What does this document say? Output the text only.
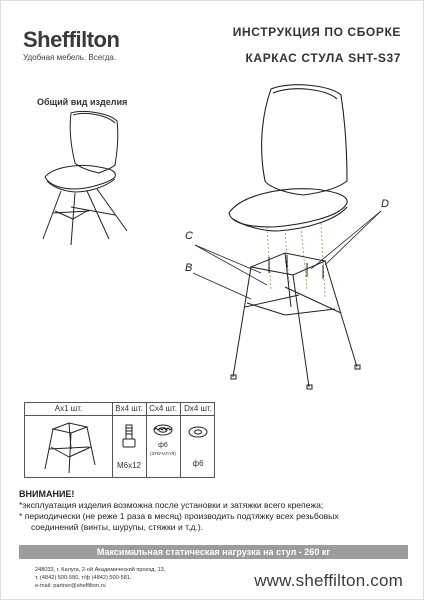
Sheffilton
Удобная мебель. Всегда.
ИНСТРУКЦИЯ ПО СБОРКЕ
КАРКАС СТУЛА SHT-S37
Общий вид изделия
C
B
D
Ax1 шт.	Bx4 шт. Cx4 шт. Dx4 шт.
M6x12
ф6
(ЗУБЧАТАЯ)
ф6
ВНИМАНИЕ!
*эксплуатация изделия возможна после установки и затяжки всего крепежа;
* периодически (не реже 1 раза в месяц) производить подтяжку всех резьбовых
соединений (винты, шурупы, стяжки и т.д.).
Максимальная статическая нагрузка на стул - 260 кг
248033, г. Калуга, 2-ой Академический проезд, 13,
т. (4842) 500-580, т/ф (4842) 500-581,
e-mail: partner@sheffilton.ru	www.sheffilton.com
